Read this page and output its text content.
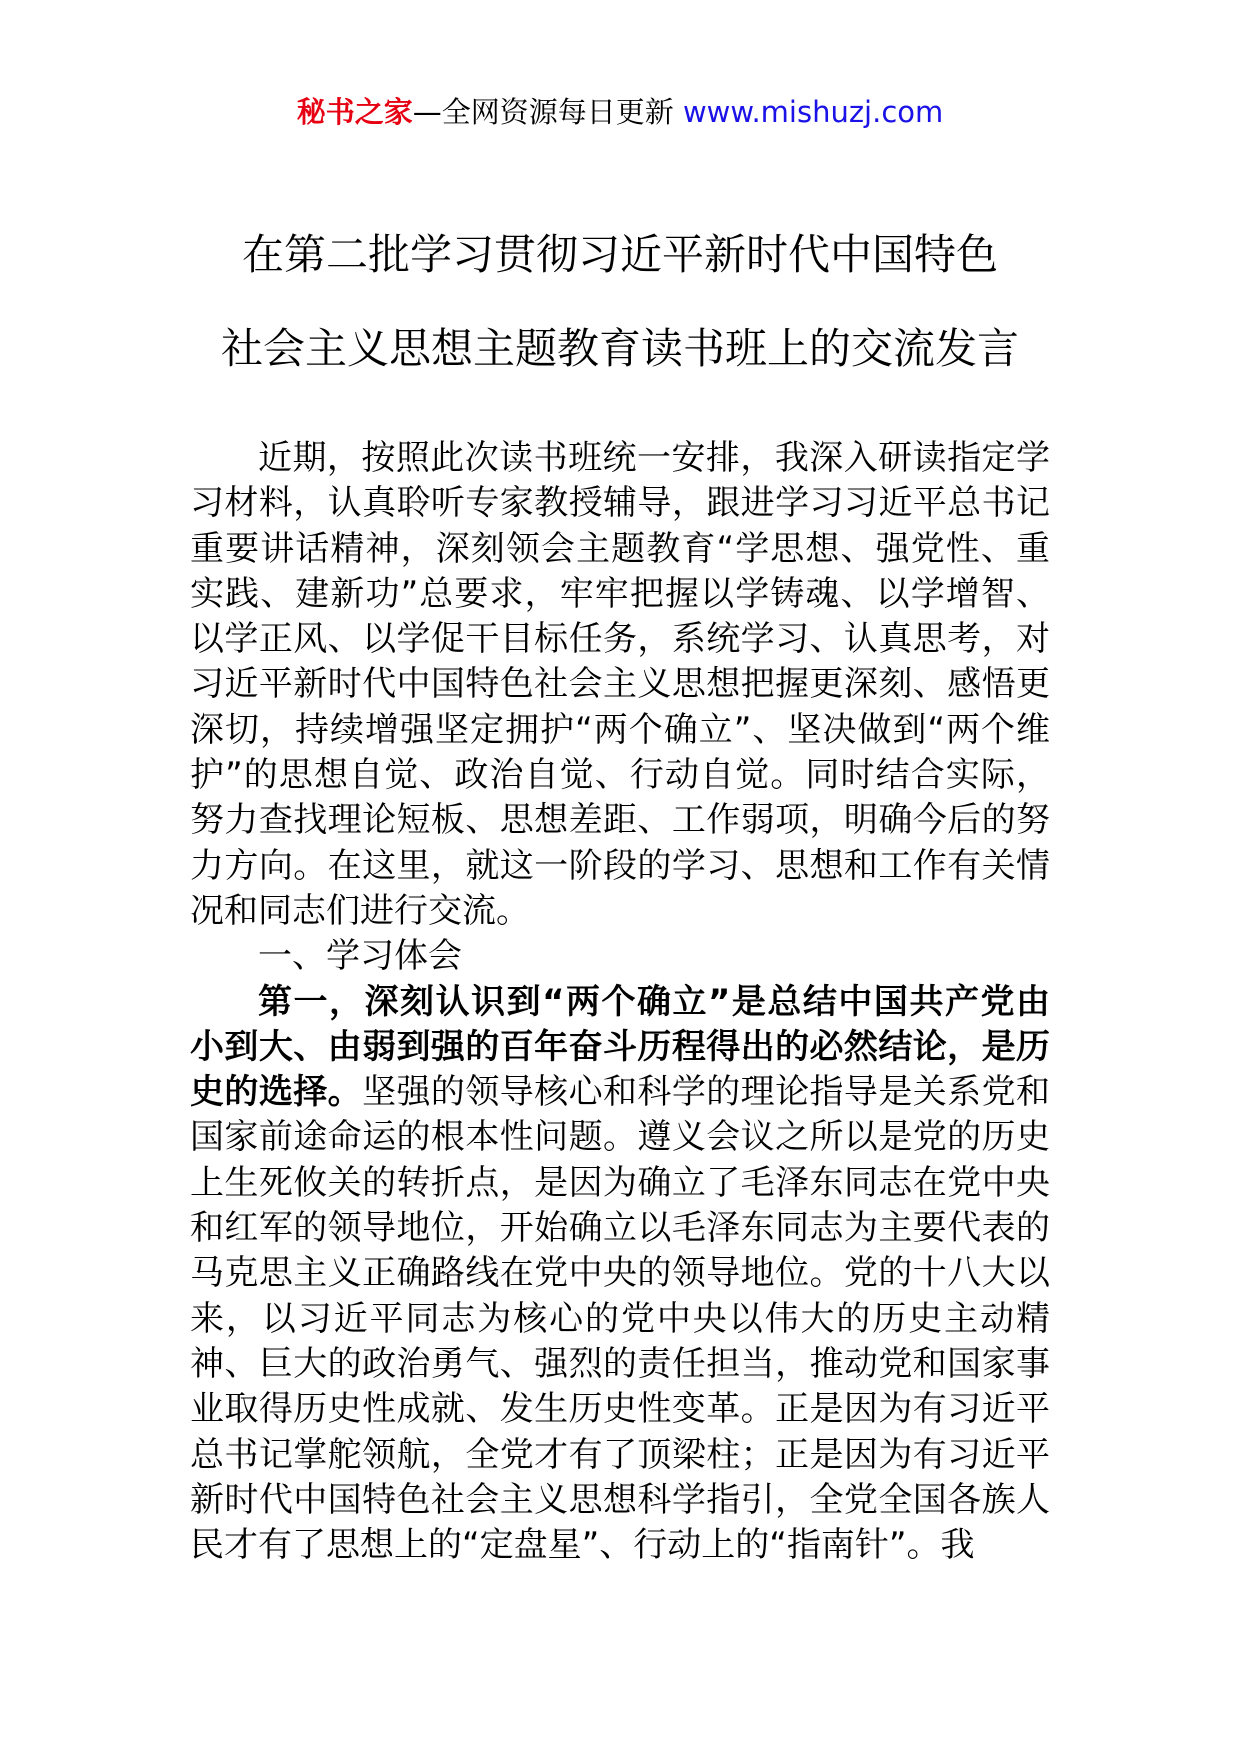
秘书之家—全网资源每日更新 www.mishuzj.com
在第二批学习贯彻习近平新时代中国特色
社会主义思想主题教育读书班上的交流发言

近期，按照此次读书班统一安排，我深入研读指定学习材料，认真聆听专家教授辅导，跟进学习习近平总书记重要讲话精神，深刻领会主题教育“学思想、强党性、重实践、建新功”总要求，牢牢把握以学铸魂、以学增智、以学正风、以学促干目标任务，系统学习、认真思考，对习近平新时代中国特色社会主义思想把握更深刻、感悟更深切，持续增强坚定拥护“两个确立”、坚决做到“两个维护”的思想自觉、政治自觉、行动自觉。同时结合实际，努力查找理论短板、思想差距、工作弱项，明确今后的努力方向。在这里，就这一阶段的学习、思想和工作有关情况和同志们进行交流。

一、学习体会

第一，深刻认识到“两个确立”是总结中国共产党由小到大、由弱到强的百年奋斗历程得出的必然结论，是历史的选择。坚强的领导核心和科学的理论指导是关系党和国家前途命运的根本性问题。遵义会议之所以是党的历史上生死攸关的转折点，是因为确立了毛泽东同志在党中央和红军的领导地位，开始确立以毛泽东同志为主要代表的马克思主义正确路线在党中央的领导地位。党的十八大以来，以习近平同志为核心的党中央以伟大的历史主动精神、巨大的政治勇气、强烈的责任担当，推动党和国家事业取得历史性成就、发生历史性变革。正是因为有习近平总书记掌舵领航，全党才有了顶梁柱；正是因为有习近平新时代中国特色社会主义思想科学指引，全党全国各族人民才有了思想上的“定盘星”、行动上的“指南针”。我
